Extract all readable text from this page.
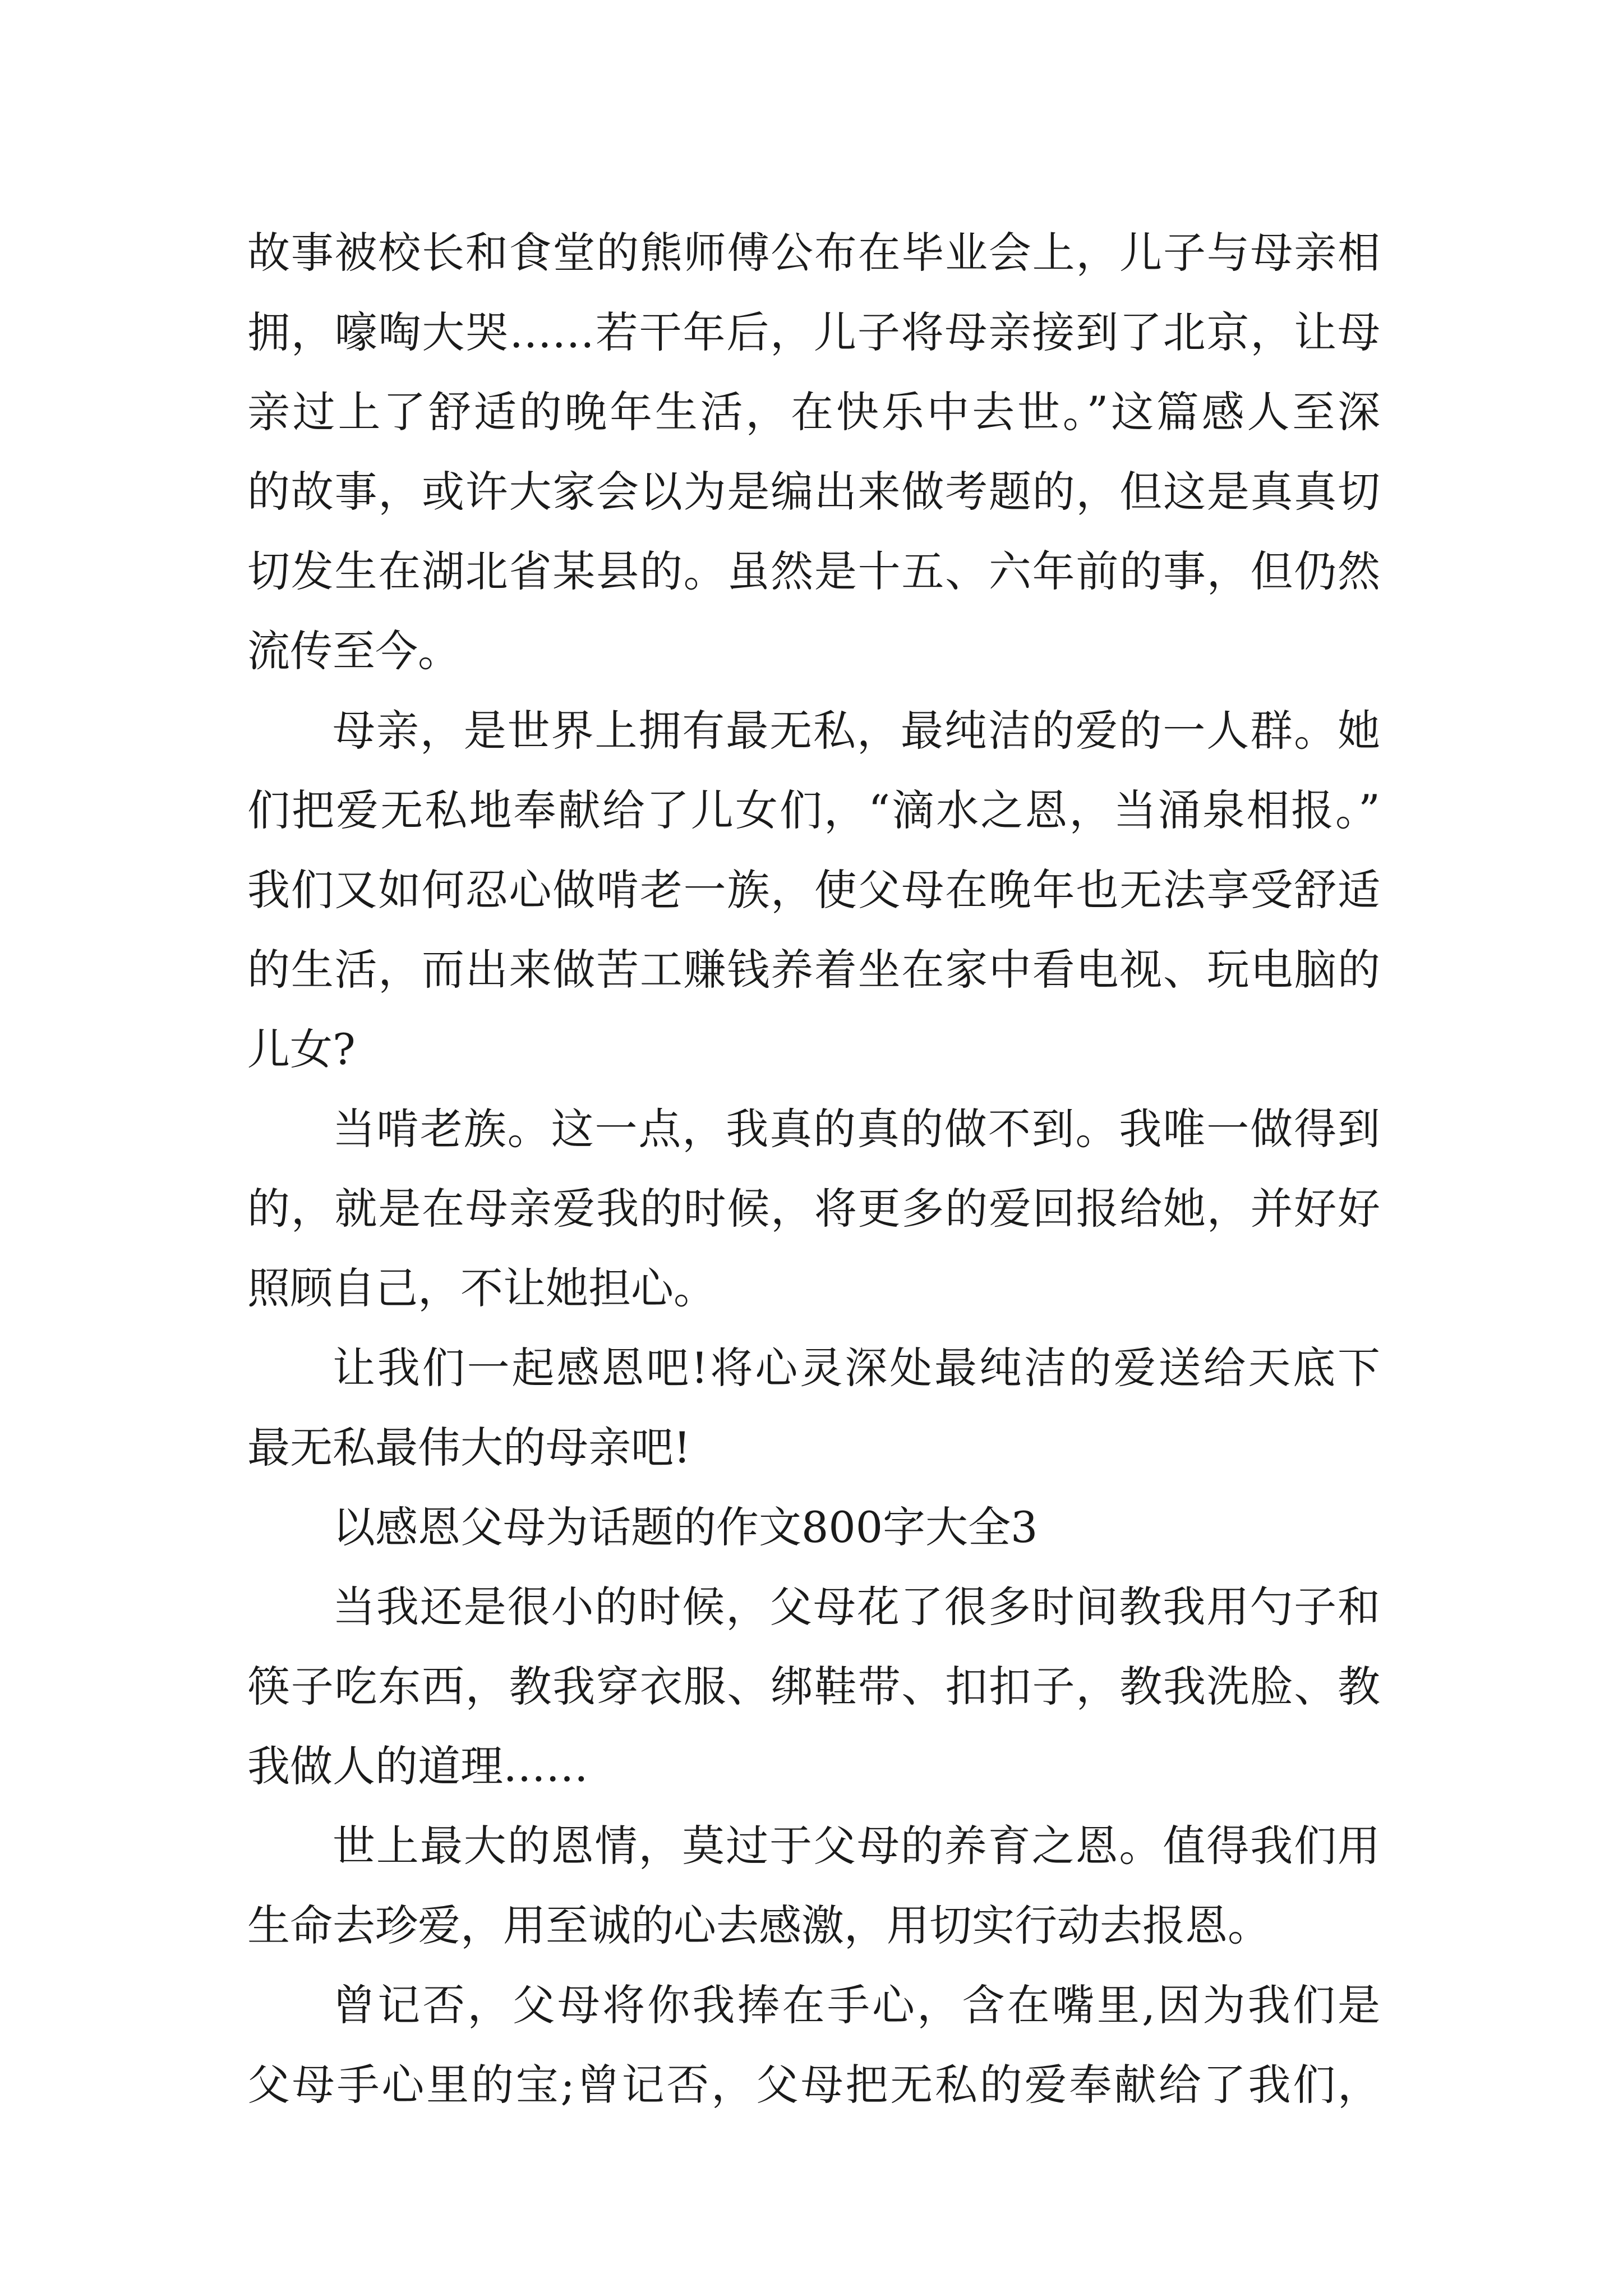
故事被校长和食堂的熊师傅公布在毕业会上，儿子与母亲相
拥，嚎啕大哭……若干年后，儿子将母亲接到了北京，让母
亲过上了舒适的晚年生活，在快乐中去世。”这篇感人至深
的故事，或许大家会以为是编出来做考题的，但这是真真切
切发生在湖北省某县的。虽然是十五、六年前的事，但仍然
流传至今。
母亲，是世界上拥有最无私，最纯洁的爱的一人群。她
们把爱无私地奉献给了儿女们，“滴水之恩，当涌泉相报。”
我们又如何忍心做啃老一族，使父母在晚年也无法享受舒适
的生活，而出来做苦工赚钱养着坐在家中看电视、玩电脑的
儿女?
当啃老族。这一点，我真的真的做不到。我唯一做得到
的，就是在母亲爱我的时候，将更多的爱回报给她，并好好
照顾自己，不让她担心。
让我们一起感恩吧!将心灵深处最纯洁的爱送给天底下
最无私最伟大的母亲吧!
以感恩父母为话题的作文800字大全3
当我还是很小的时候，父母花了很多时间教我用勺子和
筷子吃东西，教我穿衣服、绑鞋带、扣扣子，教我洗脸、教
我做人的道理……
世上最大的恩情，莫过于父母的养育之恩。值得我们用
生命去珍爱，用至诚的心去感激，用切实行动去报恩。
曾记否，父母将你我捧在手心，含在嘴里,因为我们是
父母手心里的宝;曾记否，父母把无私的爱奉献给了我们，
